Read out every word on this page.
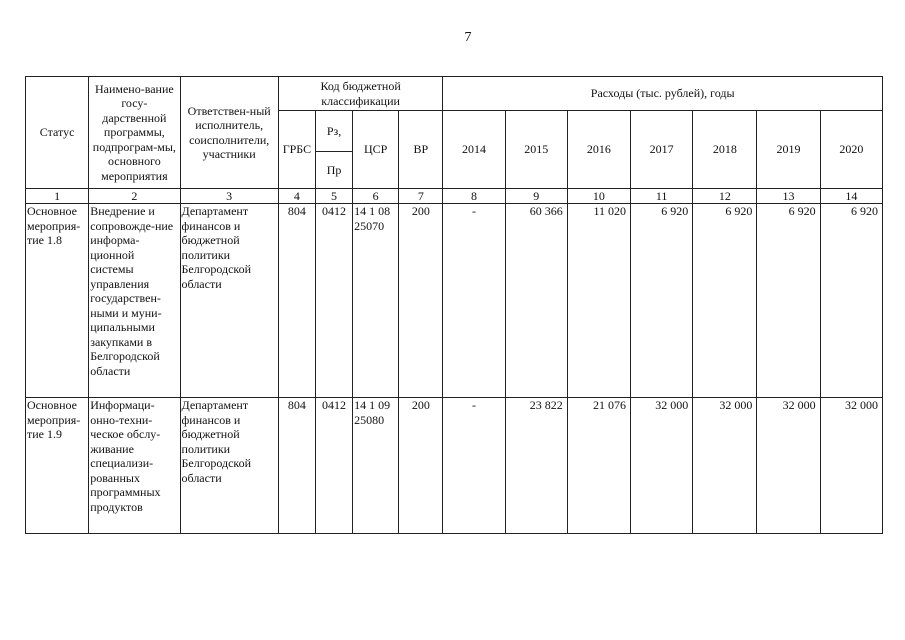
7
Статус	Наимено-вание госу-дарственной программы, подпрограм-мы, основного мероприятия	Ответствен-ный исполнитель, соисполнители, участники	Код бюджетной классификации				Расходы (тыс. рублей), годы						
			ГРБС	Рз,	ЦСР	ВР	2014	2015	2016	2017	2018	2019	2020
				Пр									
1	2	3	4	5	6	7	8	9	10	11	12	13	14
Основное мероприя-тие 1.8	Внедрение и сопровожде-ние информа-ционной системы управления государствен-ными и муни-ципальными закупками в Белгородской области	Департамент финансов и бюджетной политики Белгородской области	804	0412	14 1 08 25070	200	-	60 366	11 020	6 920	6 920	6 920	6 920
Основное мероприя-тие 1.9	Информаци-онно-техни-ческое обслу-живание специализи-рованных программных продуктов	Департамент финансов и бюджетной политики Белгородской области	804	0412	14 1 09 25080	200	-	23 822	21 076	32 000	32 000	32 000	32 000
